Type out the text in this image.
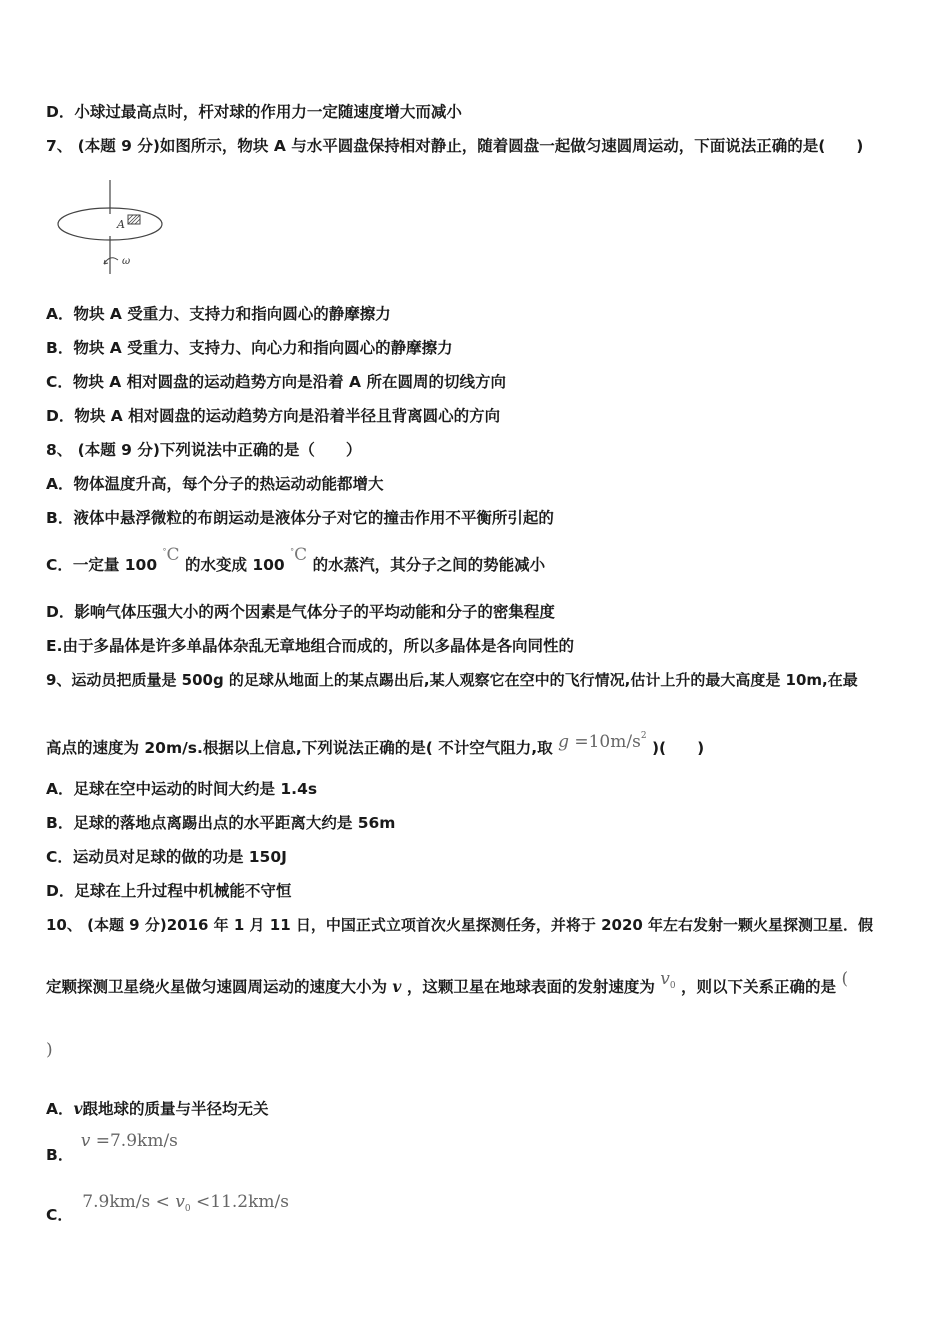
D．小球过最高点时，杆对球的作用力一定随速度增大而减小
7、 (本题 9 分)如图所示，物块 A 与水平圆盘保持相对静止，随着圆盘一起做匀速圆周运动，下面说法正确的是(　　)
A
ω
A．物块 A 受重力、支持力和指向圆心的静摩擦力
B．物块 A 受重力、支持力、向心力和指向圆心的静摩擦力
C．物块 A 相对圆盘的运动趋势方向是沿着 A 所在圆周的切线方向
D．物块 A 相对圆盘的运动趋势方向是沿着半径且背离圆心的方向
8、 (本题 9 分)下列说法中正确的是（　　）
A．物体温度升高，每个分子的热运动动能都增大
B．液体中悬浮微粒的布朗运动是液体分子对它的撞击作用不平衡所引起的
C．一定量 100 °C 的水变成 100 °C 的水蒸汽，其分子之间的势能减小
D．影响气体压强大小的两个因素是气体分子的平均动能和分子的密集程度
E.由于多晶体是许多单晶体杂乱无章地组合而成的，所以多晶体是各向同性的
9、运动员把质量是 500g 的足球从地面上的某点踢出后,某人观察它在空中的飞行情况,估计上升的最大高度是 10m,在最
高点的速度为 20m/s.根据以上信息,下列说法正确的是( 不计空气阻力,取 $g =10m/s^2$ )(　　)
A．足球在空中运动的时间大约是 1.4s
B．足球的落地点离踢出点的水平距离大约是 56m
C．运动员对足球的做的功是 150J
D．足球在上升过程中机械能不守恒
10、 (本题 9 分)2016 年 1 月 11 日，中国正式立项首次火星探测任务，并将于 2020 年左右发射一颗火星探测卫星．假
定颗探测卫星绕火星做匀速圆周运动的速度大小为 v ，这颗卫星在地球表面的发射速度为 $v_0$ ，则以下关系正确的是 (
)
A．v跟地球的质量与半径均无关
B． v =7.9km/s
C． $7.9km/s < v_0 <11.2km/s$
